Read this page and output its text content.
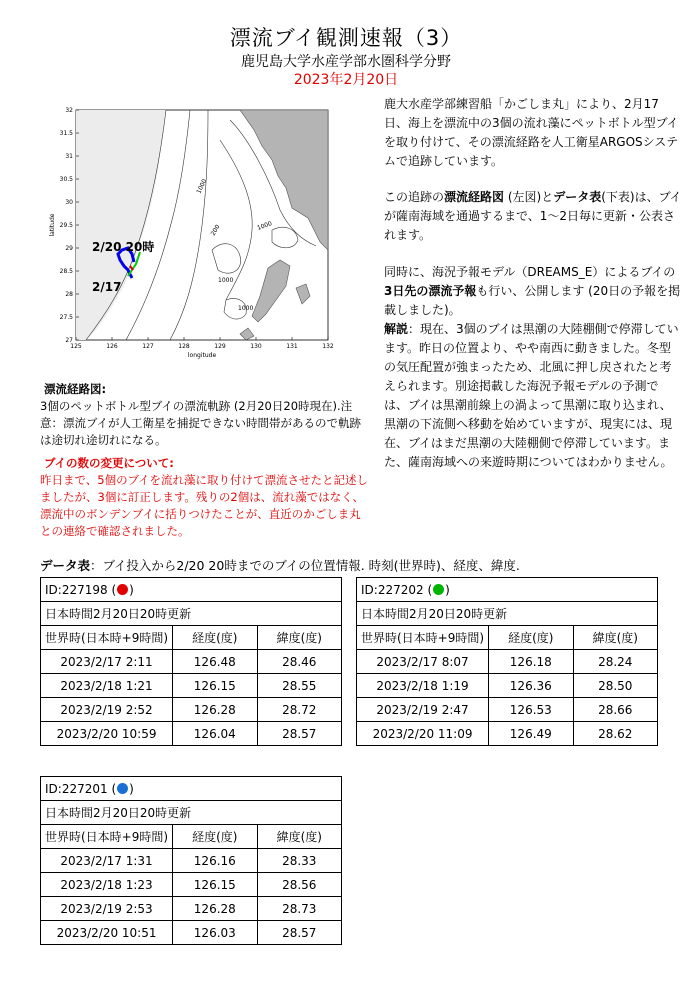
漂流ブイ観測速報（3）
鹿児島大学水産学部水圏科学分野
2023年2月20日
200
1000
1000
1000
1000
2/20 20時
2/17
125	126	127	128	129	130	131	132
27
27.5
28
28.5
29
29.5
30
30.5
31
31.5
32
longitude
latitude
鹿大水産学部練習船「かごしま丸」により、2月17日、海上を漂流中の3個の流れ藻にペットボトル型ブイを取り付けて、その漂流経路を人工衛星ARGOSシステムで追跡しています。
この追跡の漂流経路図 (左図)とデータ表(下表)は、ブイが薩南海域を通過するまで、1～2日毎に更新・公表されます。
同時に、海況予報モデル（DREAMS_E）によるブイの3日先の漂流予報も行い、公開します (20日の予報を掲載しました)。
解説：現在、3個のブイは黒潮の大陸棚側で停滞しています。昨日の位置より、やや南西に動きました。冬型の気圧配置が強まったため、北風に押し戻されたと考えられます。別途掲載した海況予報モデルの予測では、ブイは黒潮前線上の渦よって黒潮に取り込まれ、黒潮の下流側へ移動を始めていますが、現実には、現在、ブイはまだ黒潮の大陸棚側で停滞しています。また、薩南海域への来遊時期についてはわかりません。
漂流経路図:
3個のペットボトル型ブイの漂流軌跡 (2月20日20時現在).注意：漂流ブイが人工衛星を捕捉できない時間帯があるので軌跡は途切れ途切れになる。
ブイの数の変更について:
昨日まで、5個のブイを流れ藻に取り付けて漂流させたと記述しましたが、3個に訂正します。残りの2個は、流れ藻ではなく、漂流中のボンデンブイに括りつけたことが、直近のかごしま丸との連絡で確認されました。
データ表：ブイ投入から2/20 20時までのブイの位置情報. 時刻(世界時)、経度、緯度.
ID:227198 ( )		
日本時間2月20日20時更新		
世界時(日本時+9時間)	経度(度)	緯度(度)
2023/2/17 2:11	126.48	28.46
2023/2/18 1:21	126.15	28.55
2023/2/19 2:52	126.28	28.72
2023/2/20 10:59	126.04	28.57
ID:227202 ( )		
日本時間2月20日20時更新		
世界時(日本時+9時間)	経度(度)	緯度(度)
2023/2/17 8:07	126.18	28.24
2023/2/18 1:19	126.36	28.50
2023/2/19 2:47	126.53	28.66
2023/2/20 11:09	126.49	28.62
ID:227201 ( )		
日本時間2月20日20時更新		
世界時(日本時+9時間)	経度(度)	緯度(度)
2023/2/17 1:31	126.16	28.33
2023/2/18 1:23	126.15	28.56
2023/2/19 2:53	126.28	28.73
2023/2/20 10:51	126.03	28.57
